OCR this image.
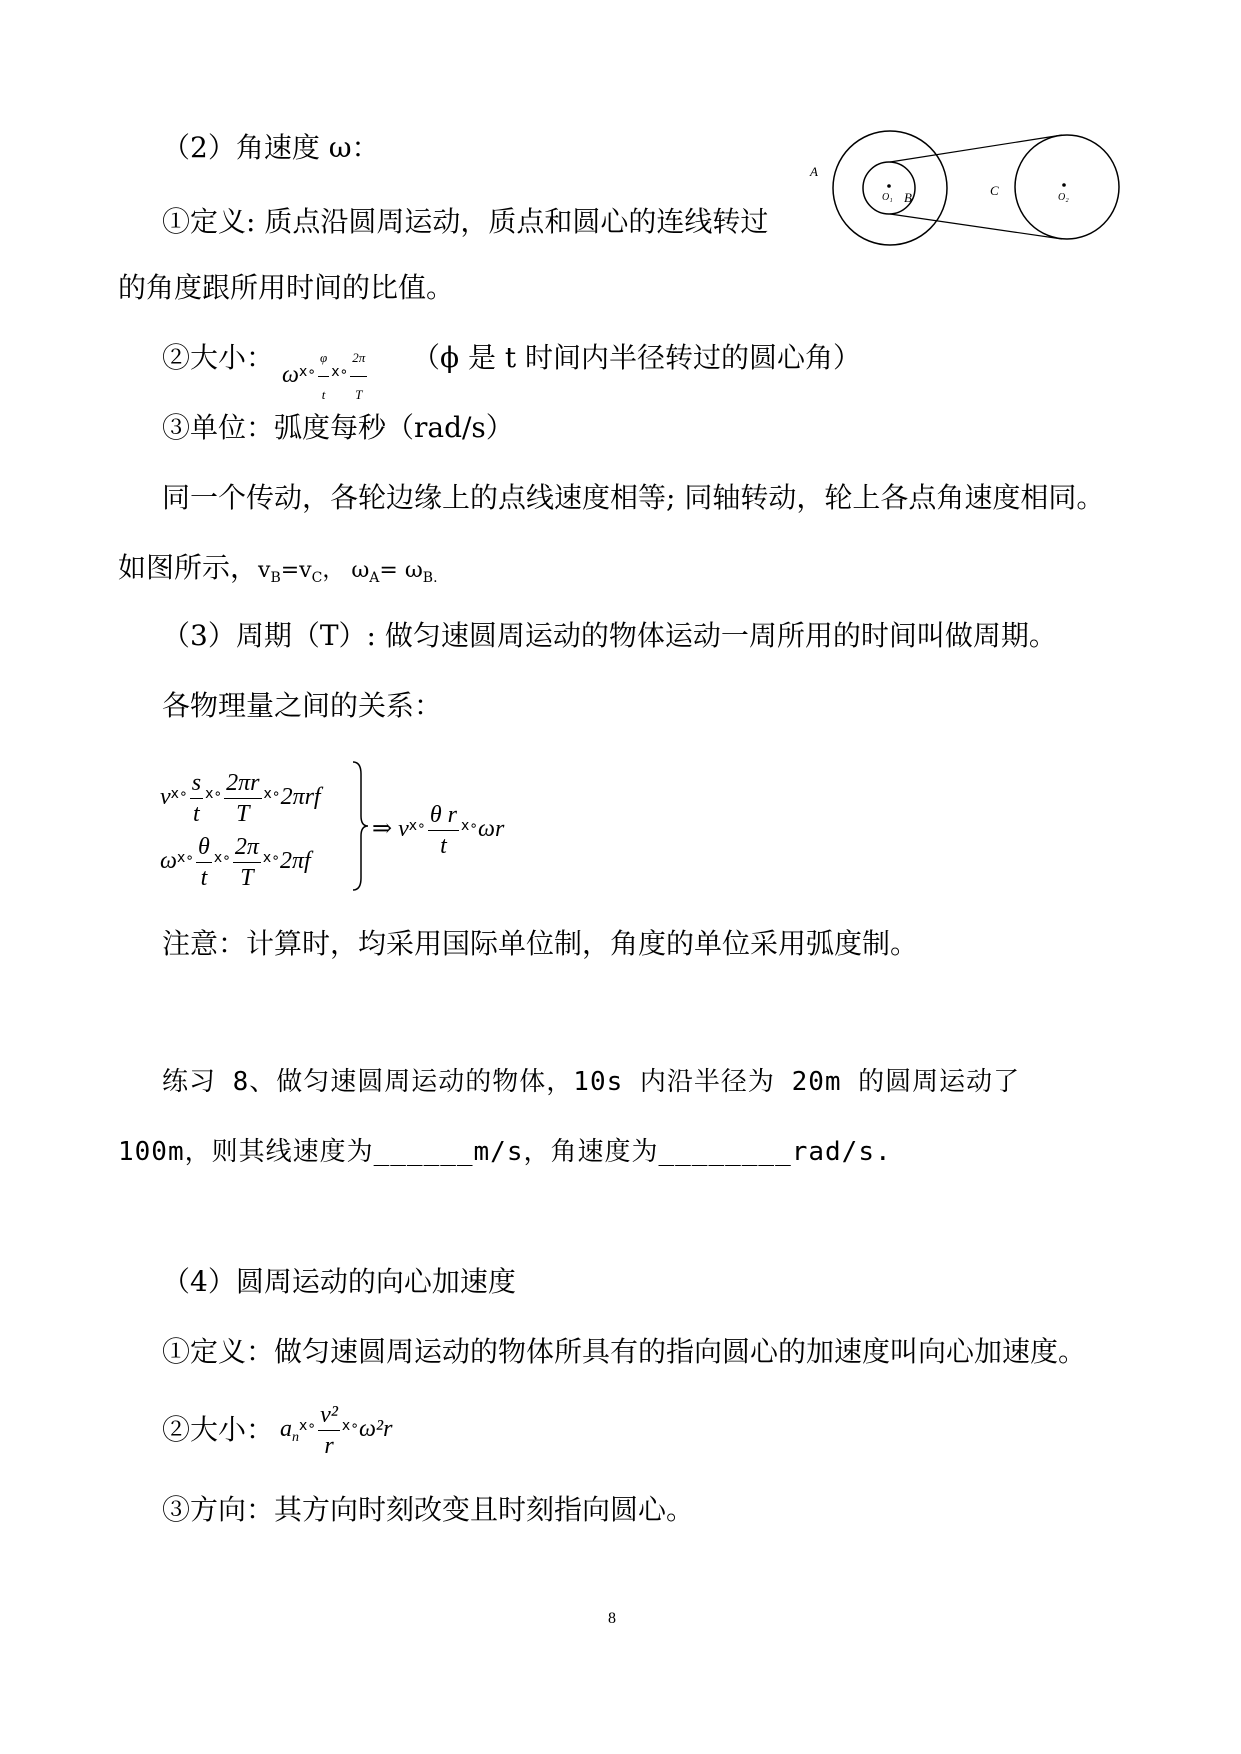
（2）角速度 ω：
A
B	C
O₁	O₂
①定义: 质点沿圆周运动，质点和圆心的连线转过
的角度跟所用时间的比值。
②大小：
$\omega^{ⅹ\circ} \frac{\varphi}{t} ^{ⅹ\circ} \frac{2\pi}{T} (\phi$ 是 t 时间内半径转过的圆心角）
③单位：弧度每秒（rad/s）
同一个传动，各轮边缘上的点线速度相等; 同轴转动，轮上各点角速度相同。
如图所示，$v_B=v_C$， $\omega_A= \omega_{B.}$
（3）周期（T）: 做匀速圆周运动的物体运动一周所用的时间叫做周期。
各物理量之间的关系：
$v^{ⅹ\circ} \frac{s}{t} ^{ⅹ\circ} \frac{2\pi r}{T} ^{ⅹ\circ}2\pi rf$
$\omega^{ⅹ\circ} \frac{\theta}{t} ^{ⅹ\circ} \frac{2\pi}{T} ^{ⅹ\circ}2\pi f$
⇒ $v^{ⅹ\circ} \frac{\text{θ r}}{t} ^{ⅹ\circ}\omega r$
注意：计算时，均采用国际单位制，角度的单位采用弧度制。
练习 8、做匀速圆周运动的物体，10s 内沿半径为 20m 的圆周运动了
100m，则其线速度为______m/s，角速度为________rad/s.
（4）圆周运动的向心加速度
①定义：做匀速圆周运动的物体所具有的指向圆心的加速度叫向心加速度。
②大小： $a_n^{ⅹ\circ} \frac{\text{v²}}{r} ^{ⅹ\circ}\omega^2r$
③方向：其方向时刻改变且时刻指向圆心。
8
